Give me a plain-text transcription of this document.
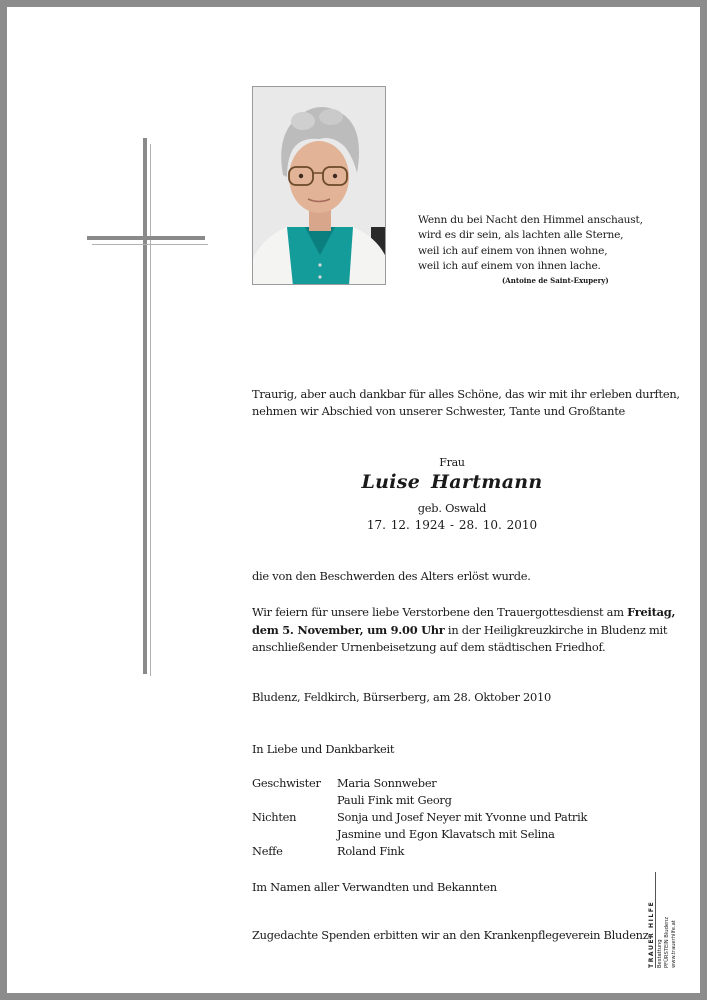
Wenn du bei Nacht den Himmel anschaust,
wird es dir sein, als lachten alle Sterne,
weil ich auf einem von ihnen wohne,
weil ich auf einem von ihnen lache.
(Antoine de Saint-Exupery)
Traurig, aber auch dankbar für alles Schöne, das wir mit ihr erleben durften,
nehmen wir Abschied von unserer Schwester, Tante und Großtante
Frau
Luise Hartmann
geb. Oswald
17. 12. 1924 - 28. 10. 2010
die von den Beschwerden des Alters erlöst wurde.
Wir feiern für unsere liebe Verstorbene den Trauergottesdienst am Freitag,
dem 5. November, um 9.00 Uhr in der Heiligkreuzkirche in Bludenz mit
anschließender Urnenbeisetzung auf dem städtischen Friedhof.
Bludenz, Feldkirch, Bürserberg, am 28. Oktober 2010
In Liebe und Dankbarkeit
Geschwister	Maria Sonnweber
Pauli Fink mit Georg
Nichten	Sonja und Josef Neyer mit Yvonne und Patrik
Jasmine und Egon Klavatsch mit Selina
Neffe	Roland Fink
Im Namen aller Verwandten und Bekannten
Zugedachte Spenden erbitten wir an den Krankenpflegeverein Bludenz.
TRAUER HILFE Bestattung PFÜRSTEIN Bludenz www.trauerhilfe.at
